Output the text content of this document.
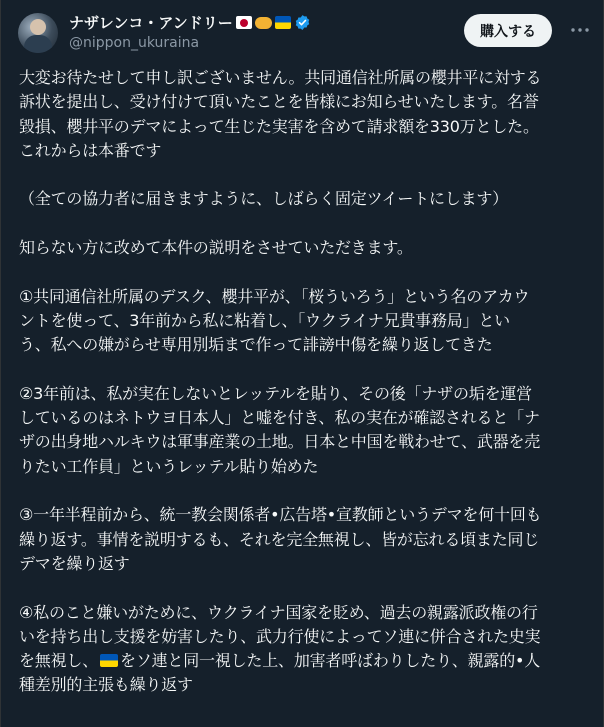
ナザレンコ・アンドリー
@nippon_ukuraina
購入する

大変お待たせして申し訳ございません。共同通信社所属の櫻井平に対する
訴状を提出し、受け付けて頂いたことを皆様にお知らせいたします。名誉
毀損、櫻井平のデマによって生じた実害を含めて請求額を330万とした。
これからは本番です

（全ての協力者に届きますように、しばらく固定ツイートにします）

知らない方に改めて本件の説明をさせていただきます。

①共同通信社所属のデスク、櫻井平が、「桜ういろう」という名のアカウ
ントを使って、3年前から私に粘着し、「ウクライナ兄貴事務局」とい
う、私への嫌がらせ専用別垢まで作って誹謗中傷を繰り返してきた

②3年前は、私が実在しないとレッテルを貼り、その後「ナザの垢を運営
しているのはネトウヨ日本人」と嘘を付き、私の実在が確認されると「ナ
ザの出身地ハルキウは軍事産業の土地。日本と中国を戦わせて、武器を売
りたい工作員」というレッテル貼り始めた

③一年半程前から、統一教会関係者•広告塔•宣教師というデマを何十回も
繰り返す。事情を説明するも、それを完全無視し、皆が忘れる頃また同じ
デマを繰り返す

④私のこと嫌いがために、ウクライナ国家を貶め、過去の親露派政権の行
いを持ち出し支援を妨害したり、武力行使によってソ連に併合された史実
を無視し、 をソ連と同一視した上、加害者呼ばわりしたり、親露的•人
種差別的主張も繰り返す
